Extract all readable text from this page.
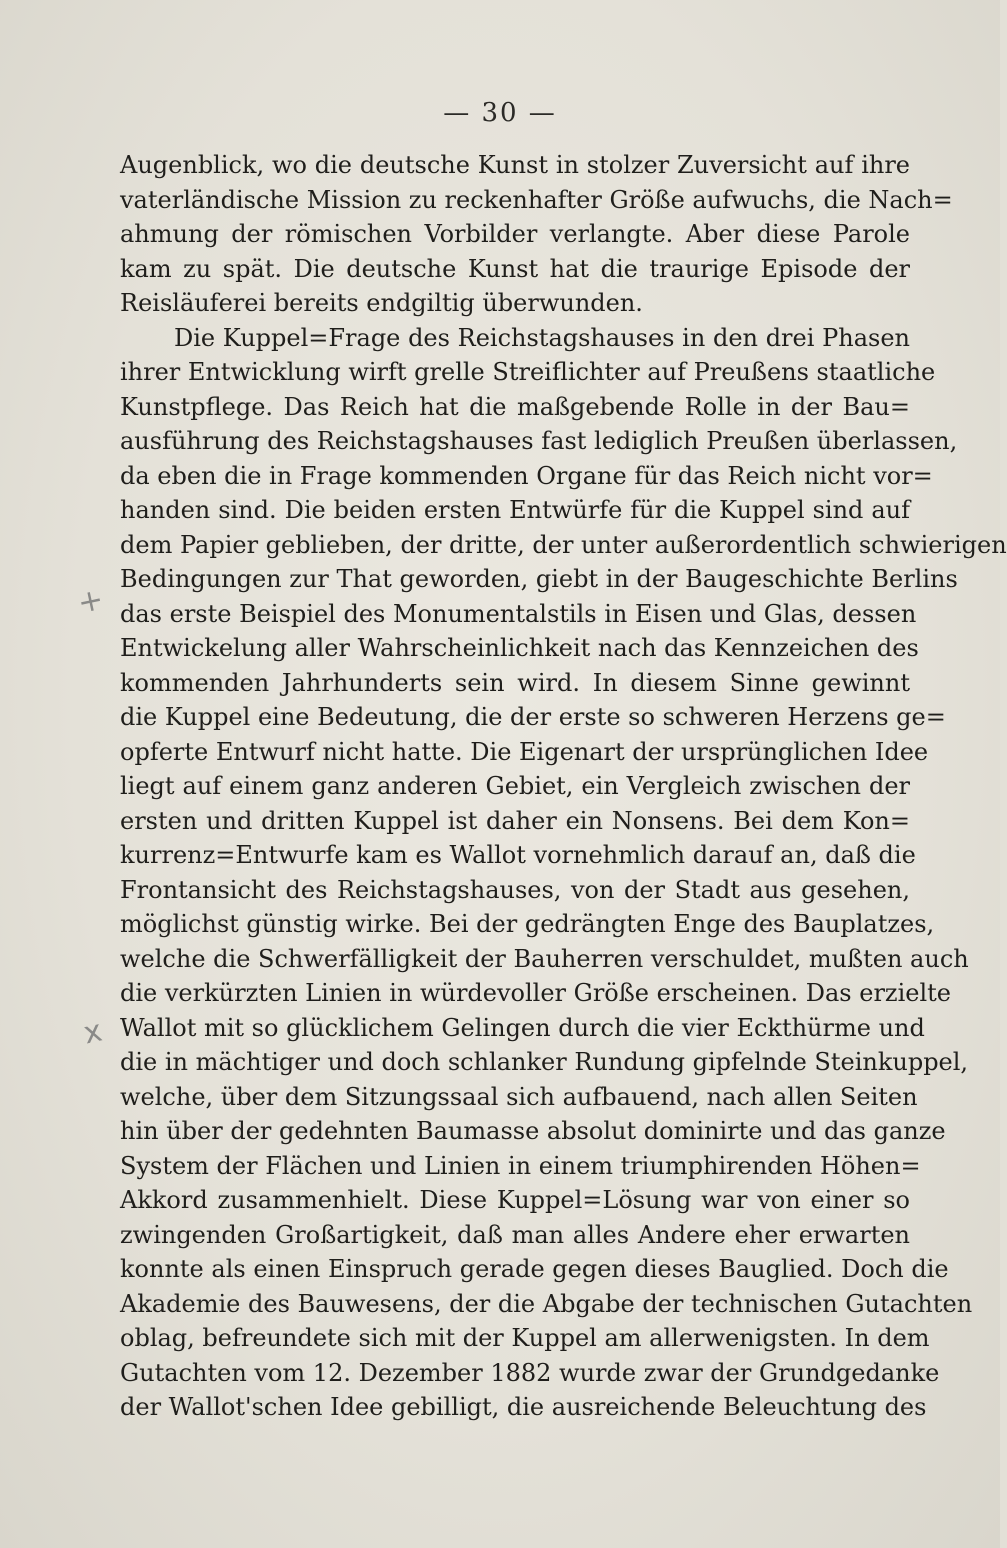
— 30 —
Augenblick, wo die deutsche Kunst in stolzer Zuversicht auf ihre
vaterländische Mission zu reckenhafter Größe aufwuchs, die Nach=
ahmung der römischen Vorbilder verlangte. Aber diese Parole
kam zu spät. Die deutsche Kunst hat die traurige Episode der
Reisläuferei bereits endgiltig überwunden.
Die Kuppel=Frage des Reichstagshauses in den drei Phasen
ihrer Entwicklung wirft grelle Streiflichter auf Preußens staatliche
Kunstpflege. Das Reich hat die maßgebende Rolle in der Bau=
ausführung des Reichstagshauses fast lediglich Preußen überlassen,
da eben die in Frage kommenden Organe für das Reich nicht vor=
handen sind. Die beiden ersten Entwürfe für die Kuppel sind auf
dem Papier geblieben, der dritte, der unter außerordentlich schwierigen
Bedingungen zur That geworden, giebt in der Baugeschichte Berlins
das erste Beispiel des Monumentalstils in Eisen und Glas, dessen
Entwickelung aller Wahrscheinlichkeit nach das Kennzeichen des
kommenden Jahrhunderts sein wird. In diesem Sinne gewinnt
die Kuppel eine Bedeutung, die der erste so schweren Herzens ge=
opferte Entwurf nicht hatte. Die Eigenart der ursprünglichen Idee
liegt auf einem ganz anderen Gebiet, ein Vergleich zwischen der
ersten und dritten Kuppel ist daher ein Nonsens. Bei dem Kon=
kurrenz=Entwurfe kam es Wallot vornehmlich darauf an, daß die
Frontansicht des Reichstagshauses, von der Stadt aus gesehen,
möglichst günstig wirke. Bei der gedrängten Enge des Bauplatzes,
welche die Schwerfälligkeit der Bauherren verschuldet, mußten auch
die verkürzten Linien in würdevoller Größe erscheinen. Das erzielte
Wallot mit so glücklichem Gelingen durch die vier Eckthürme und
die in mächtiger und doch schlanker Rundung gipfelnde Steinkuppel,
welche, über dem Sitzungssaal sich aufbauend, nach allen Seiten
hin über der gedehnten Baumasse absolut dominirte und das ganze
System der Flächen und Linien in einem triumphirenden Höhen=
Akkord zusammenhielt. Diese Kuppel=Lösung war von einer so
zwingenden Großartigkeit, daß man alles Andere eher erwarten
konnte als einen Einspruch gerade gegen dieses Bauglied. Doch die
Akademie des Bauwesens, der die Abgabe der technischen Gutachten
oblag, befreundete sich mit der Kuppel am allerwenigsten. In dem
Gutachten vom 12. Dezember 1882 wurde zwar der Grundgedanke
der Wallot'schen Idee gebilligt, die ausreichende Beleuchtung des
+
x
